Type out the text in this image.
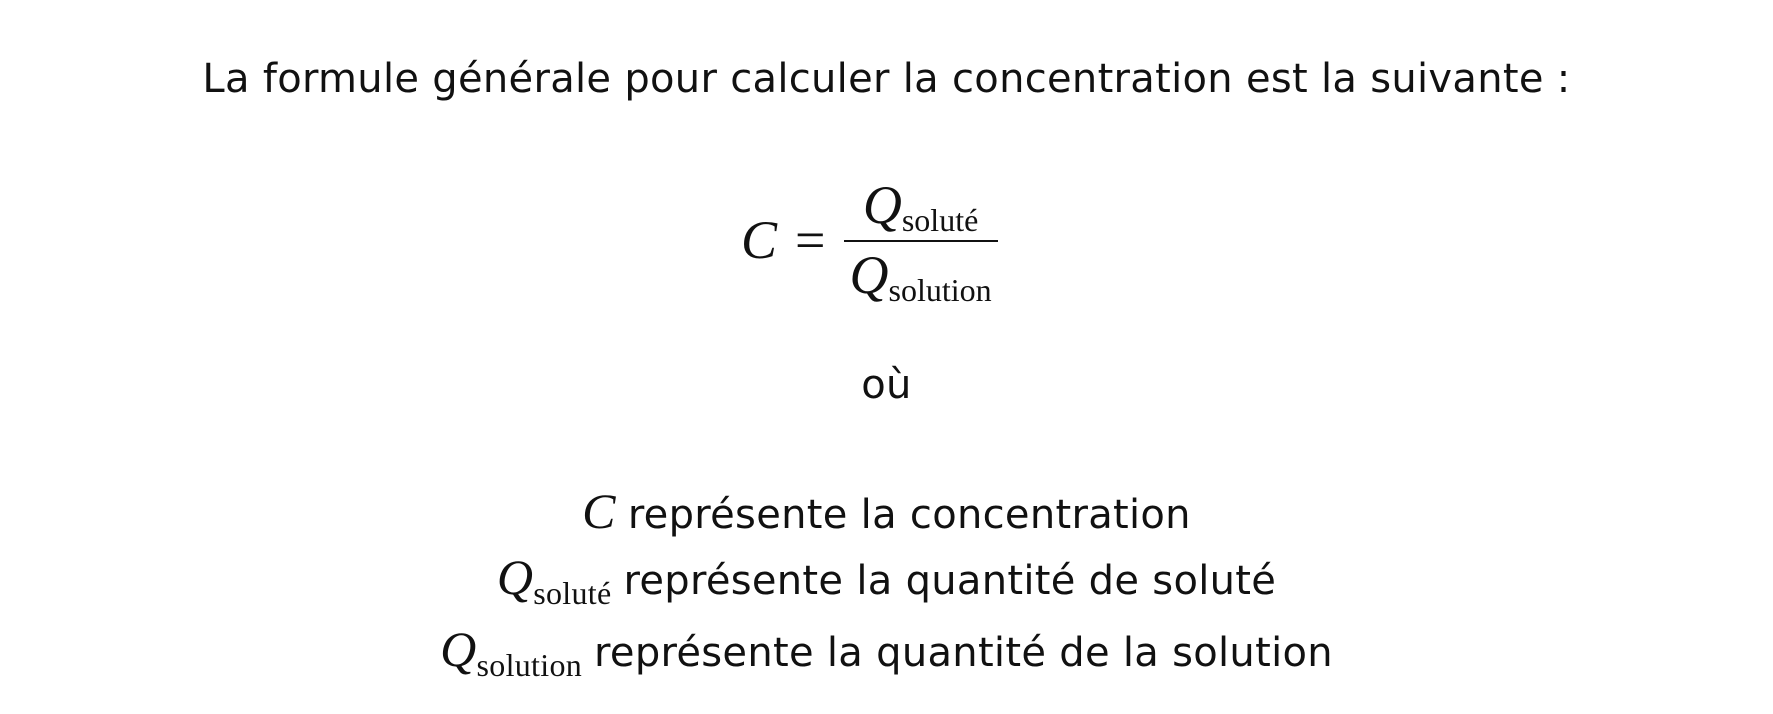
La formule générale pour calculer la concentration est la suivante :
$C = \frac{\text{Qsoluté}}{\text{Qsolution}}$
où
C représente la concentration
$Q_{soluté}$ représente la quantité de soluté
$Q_{solution}$ représente la quantité de la solution
